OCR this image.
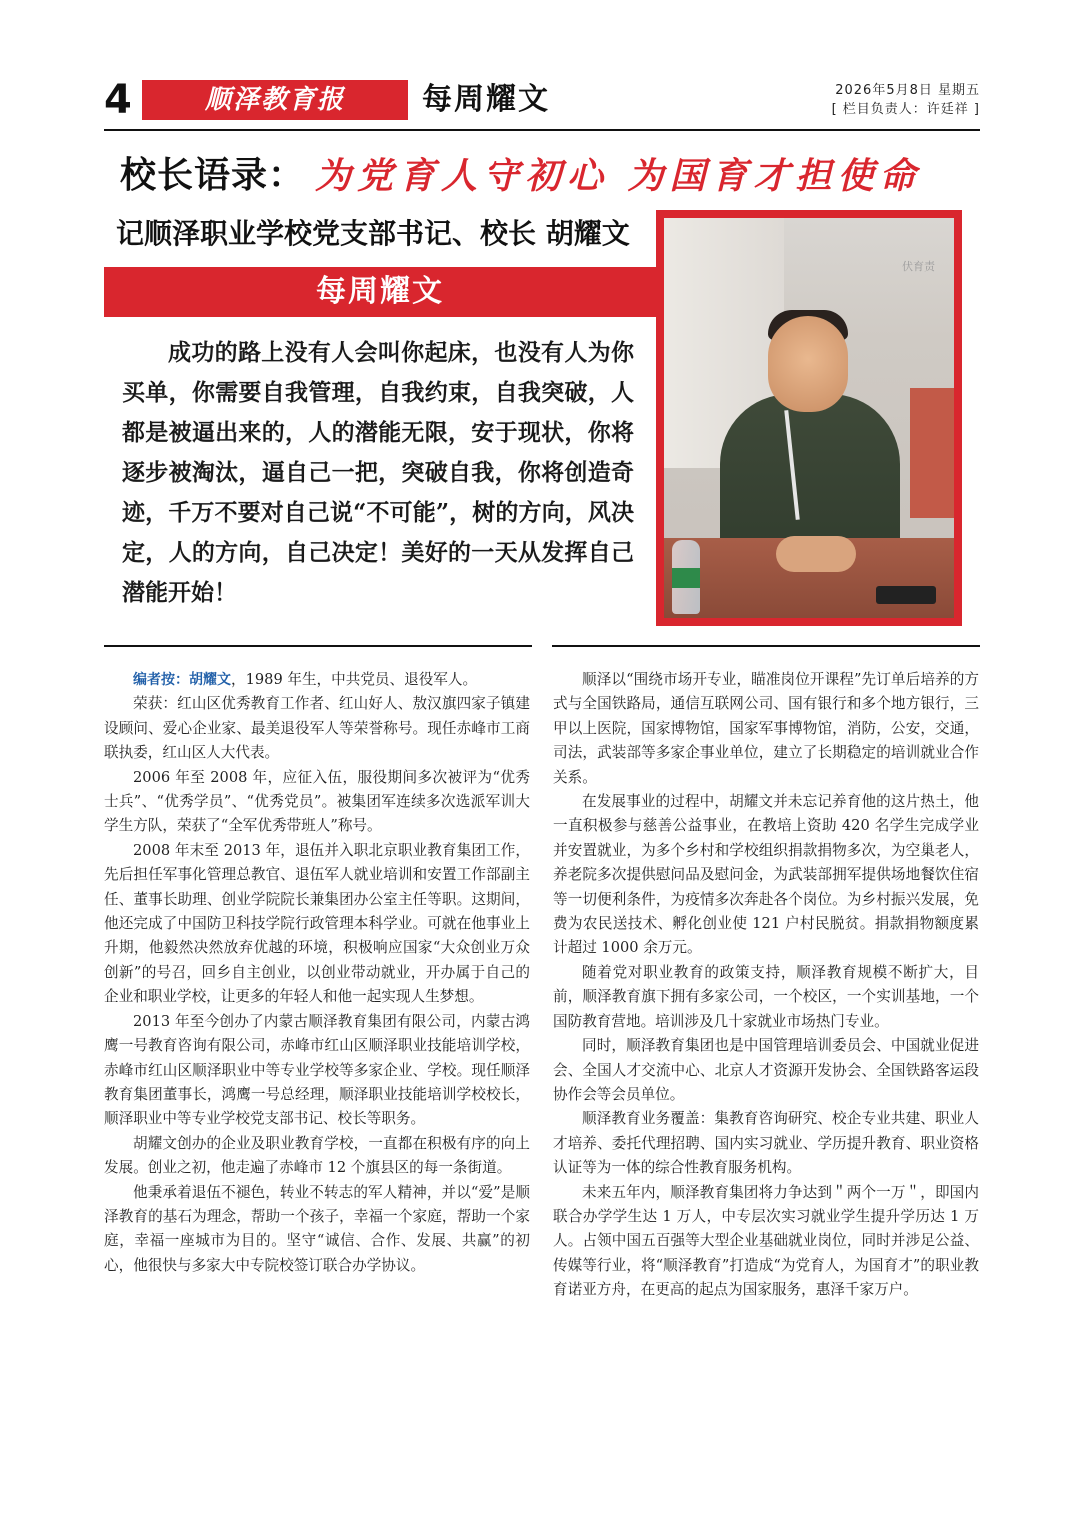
4	顺泽教育报	每周耀文	2026年5月8日 星期五
[ 栏目负责人：许廷祥 ]
校长语录： 为党育人守初心 为国育才担使命
记顺泽职业学校党支部书记、校长 胡耀文
每周耀文
成功的路上没有人会叫你起床，也没有人为你买单，你需要自我管理，自我约束，自我突破，人都是被逼出来的，人的潜能无限，安于现状，你将逐步被淘汰，逼自己一把，突破自我，你将创造奇迹，千万不要对自己说“不可能”，树的方向，风决定，人的方向，自己决定！美好的一天从发挥自己潜能开始！
伏育责

编者按：胡耀文，1989 年生，中共党员、退役军人。

荣获：红山区优秀教育工作者、红山好人、敖汉旗四家子镇建设顾问、爱心企业家、最美退役军人等荣誉称号。现任赤峰市工商联执委，红山区人大代表。

2006 年至 2008 年，应征入伍，服役期间多次被评为“优秀士兵”、“优秀学员”、“优秀党员”。被集团军连续多次选派军训大学生方队，荣获了“全军优秀带班人”称号。

2008 年末至 2013 年，退伍并入职北京职业教育集团工作，先后担任军事化管理总教官、退伍军人就业培训和安置工作部副主任、董事长助理、创业学院院长兼集团办公室主任等职。这期间，他还完成了中国防卫科技学院行政管理本科学业。可就在他事业上升期，他毅然决然放弃优越的环境，积极响应国家“大众创业万众创新”的号召，回乡自主创业，以创业带动就业，开办属于自己的企业和职业学校，让更多的年轻人和他一起实现人生梦想。

2013 年至今创办了内蒙古顺泽教育集团有限公司，内蒙古鸿鹰一号教育咨询有限公司，赤峰市红山区顺泽职业技能培训学校，赤峰市红山区顺泽职业中等专业学校等多家企业、学校。现任顺泽教育集团董事长，鸿鹰一号总经理，顺泽职业技能培训学校校长，顺泽职业中等专业学校党支部书记、校长等职务。

胡耀文创办的企业及职业教育学校，一直都在积极有序的向上发展。创业之初，他走遍了赤峰市 12 个旗县区的每一条街道。

他秉承着退伍不褪色，转业不转志的军人精神，并以“爱”是顺泽教育的基石为理念，帮助一个孩子，幸福一个家庭，帮助一个家庭，幸福一座城市为目的。坚守“诚信、合作、发展、共赢”的初心，他很快与多家大中专院校签订联合办学协议。

顺泽以“围绕市场开专业，瞄准岗位开课程”先订单后培养的方式与全国铁路局，通信互联网公司、国有银行和多个地方银行，三甲以上医院，国家博物馆，国家军事博物馆，消防，公安，交通，司法，武装部等多家企事业单位，建立了长期稳定的培训就业合作关系。

在发展事业的过程中，胡耀文并未忘记养育他的这片热土，他一直积极参与慈善公益事业，在教培上资助 420 名学生完成学业并安置就业，为多个乡村和学校组织捐款捐物多次，为空巢老人，养老院多次提供慰问品及慰问金，为武装部拥军提供场地餐饮住宿等一切便利条件，为疫情多次奔赴各个岗位。为乡村振兴发展，免费为农民送技术、孵化创业使 121 户村民脱贫。捐款捐物额度累计超过 1000 余万元。

随着党对职业教育的政策支持，顺泽教育规模不断扩大，目前，顺泽教育旗下拥有多家公司，一个校区，一个实训基地，一个国防教育营地。培训涉及几十家就业市场热门专业。

同时，顺泽教育集团也是中国管理培训委员会、中国就业促进会、全国人才交流中心、北京人才资源开发协会、全国铁路客运段协作会等会员单位。

顺泽教育业务覆盖：集教育咨询研究、校企专业共建、职业人才培养、委托代理招聘、国内实习就业、学历提升教育、职业资格认证等为一体的综合性教育服务机构。

未来五年内，顺泽教育集团将力争达到＂两个一万＂，即国内联合办学学生达 1 万人，中专层次实习就业学生提升学历达 1 万人。占领中国五百强等大型企业基础就业岗位，同时并涉足公益、传媒等行业，将“顺泽教育”打造成“为党育人，为国育才”的职业教育诺亚方舟，在更高的起点为国家服务，惠泽千家万户。
